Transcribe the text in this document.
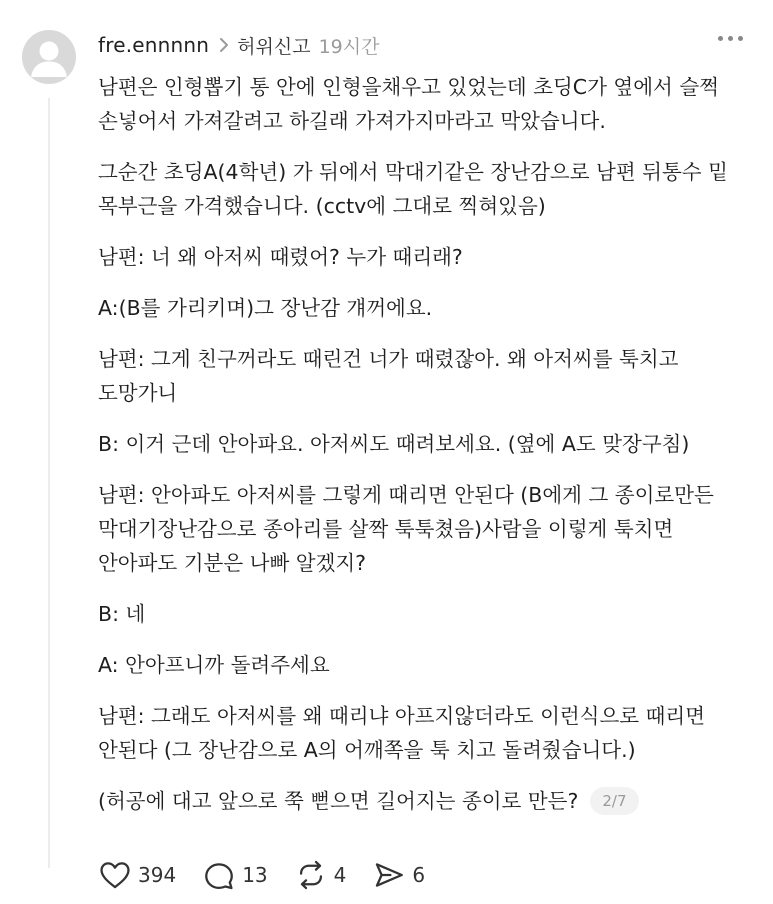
fre.ennnnn 허위신고 19시간

남편은 인형뽑기 통 안에 인형을채우고 있었는데 초딩C가 옆에서 슬쩍 손넣어서 가져갈려고 하길래 가져가지마라고 막았습니다.

그순간 초딩A(4학년) 가 뒤에서 막대기같은 장난감으로 남편 뒤통수 밑 목부근을 가격했습니다. (cctv에 그대로 찍혀있음)

남편: 너 왜 아저씨 때렸어? 누가 때리래?

A:(B를 가리키며)그 장난감 걔꺼에요.

남편: 그게 친구꺼라도 때린건 너가 때렸잖아. 왜 아저씨를 툭치고 도망가니

B: 이거 근데 안아파요. 아저씨도 때려보세요. (옆에 A도 맞장구침)

남편: 안아파도 아저씨를 그렇게 때리면 안된다 (B에게 그 종이로만든 막대기장난감으로 종아리를 살짝 툭툭쳤음)사람을 이렇게 툭치면 안아파도 기분은 나빠 알겠지?

B: 네

A: 안아프니까 돌려주세요

남편: 그래도 아저씨를 왜 때리냐 아프지않더라도 이런식으로 때리면 안된다 (그 장난감으로 A의 어깨쪽을 툭 치고 돌려줬습니다.)

(허공에 대고 앞으로 쭉 뻗으면 길어지는 종이로 만든?	2/7

394	13	4	6
